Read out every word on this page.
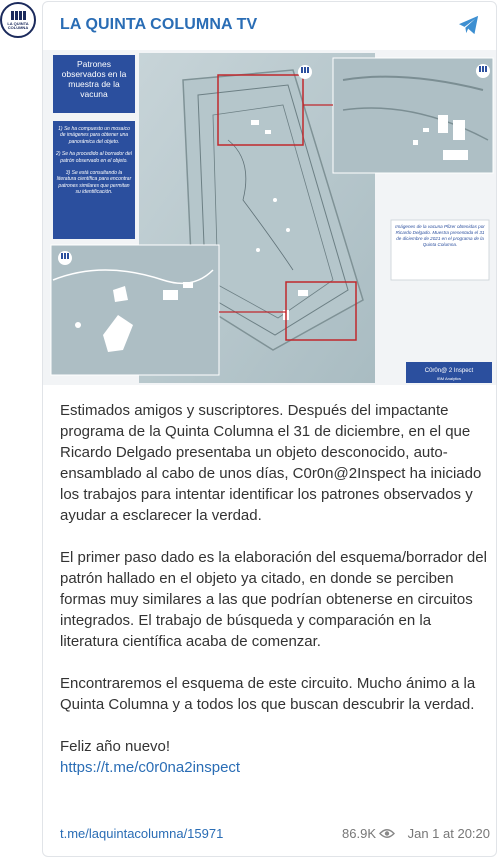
LA QUINTA COLUMNA	LA QUINTA COLUMNA TV
Patrones observados en la muestra de la vacuna
1) Se ha compuesto un mosaico de imágenes para obtener una panorámica del objeto.
2) Se ha procedido al borrador del patrón observado en el objeto.
3) Se está consultando la literatura científica para encontrar patrones similares que permitan su identificación.
Imágenes de la vacuna Pfizer obtenidas por Ricardo Delgado. Muestra presentada el 31 de diciembre de 2021 en el programa de la Quinta Columna.
C0r0n@ 2 Inspect
IBM Analytics

Estimados amigos y suscriptores. Después del impactante programa de la Quinta Columna el 31 de diciembre, en el que Ricardo Delgado presentaba un objeto desconocido, auto-ensamblado al cabo de unos días, C0r0n@2Inspect ha iniciado los trabajos para intentar identificar los patrones observados y ayudar a esclarecer la verdad.

El primer paso dado es la elaboración del esquema/borrador del patrón hallado en el objeto ya citado, en donde se perciben formas muy similares a las que podrían obtenerse en circuitos integrados. El trabajo de búsqueda y comparación en la literatura científica acaba de comenzar.

Encontraremos el esquema de este circuito. Mucho ánimo a la Quinta Columna y a todos los que buscan descubrir la verdad.

Feliz año nuevo!
https://t.me/c0r0na2inspect
t.me/laquintacolumna/15971	86.9K Jan 1 at 20:20
